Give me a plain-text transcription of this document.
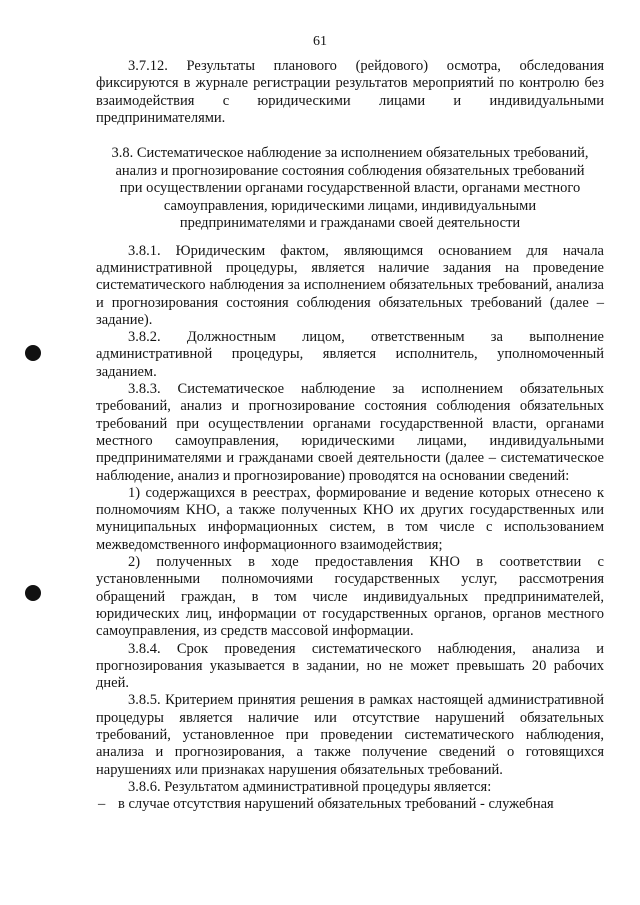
61

3.7.12. Результаты планового (рейдового) осмотра, обследования фиксируются в журнале регистрации результатов мероприятий по контролю без взаимодействия с юридическими лицами и индивидуальными предпринимателями.

3.8. Систематическое наблюдение за исполнением обязательных требований, анализ и прогнозирование состояния соблюдения обязательных требований при осуществлении органами государственной власти, органами местного самоуправления, юридическими лицами, индивидуальными предпринимателями и гражданами своей деятельности

3.8.1. Юридическим фактом, являющимся основанием для начала административной процедуры, является наличие задания на проведение систематического наблюдения за исполнением обязательных требований, анализа и прогнозирования состояния соблюдения обязательных требований (далее – задание).

3.8.2. Должностным лицом, ответственным за выполнение административной процедуры, является исполнитель, уполномоченный заданием.

3.8.3. Систематическое наблюдение за исполнением обязательных требований, анализ и прогнозирование состояния соблюдения обязательных требований при осуществлении органами государственной власти, органами местного самоуправления, юридическими лицами, индивидуальными предпринимателями и гражданами своей деятельности (далее – систематическое наблюдение, анализ и прогнозирование) проводятся на основании сведений:

1) содержащихся в реестрах, формирование и ведение которых отнесено к полномочиям КНО, а также полученных КНО их других государственных или муниципальных информационных систем, в том числе с использованием межведомственного информационного взаимодействия;

2) полученных в ходе предоставления КНО в соответствии с установленными полномочиями государственных услуг, рассмотрения обращений граждан, в том числе индивидуальных предпринимателей, юридических лиц, информации от государственных органов, органов местного самоуправления, из средств массовой информации.

3.8.4. Срок проведения систематического наблюдения, анализа и прогнозирования указывается в задании, но не может превышать 20 рабочих дней.

3.8.5. Критерием принятия решения в рамках настоящей административной процедуры является наличие или отсутствие нарушений обязательных требований, установленное при проведении систематического наблюдения, анализа и прогнозирования, а также получение сведений о готовящихся нарушениях или признаках нарушения обязательных требований.

3.8.6. Результатом административной процедуры является:

– в случае отсутствия нарушений обязательных требований - служебная
